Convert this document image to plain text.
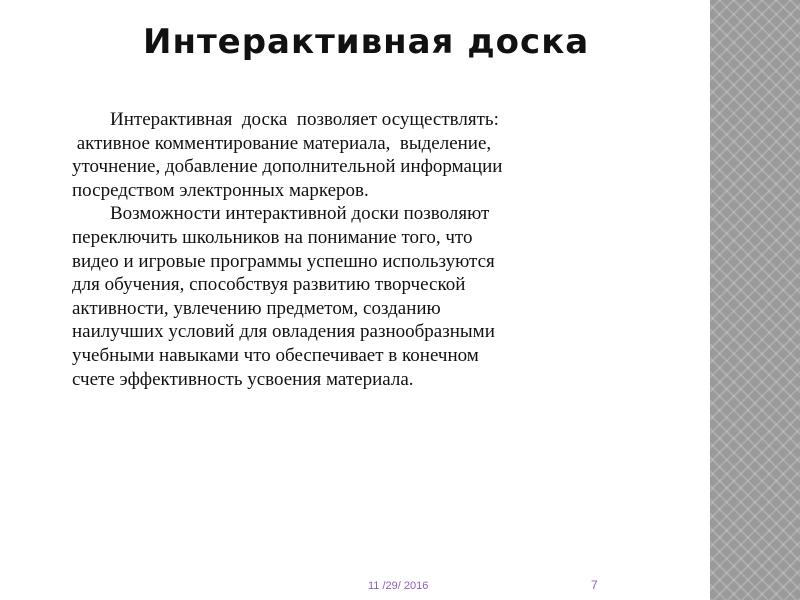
Интерактивная доска
Интерактивная  доска  позволяет осуществлять:
активное комментирование материала,  выделение,
уточнение, добавление дополнительной информации
посредством электронных маркеров.
Возможности интерактивной доски позволяют
переключить школьников на понимание того, что
видео и игровые программы успешно используются
для обучения, способствуя развитию творческой
активности, увлечению предметом, созданию
наилучших условий для овладения разнообразными
учебными навыками что обеспечивает в конечном
счете эффективность усвоения материала.
11 /29/ 2016	7
